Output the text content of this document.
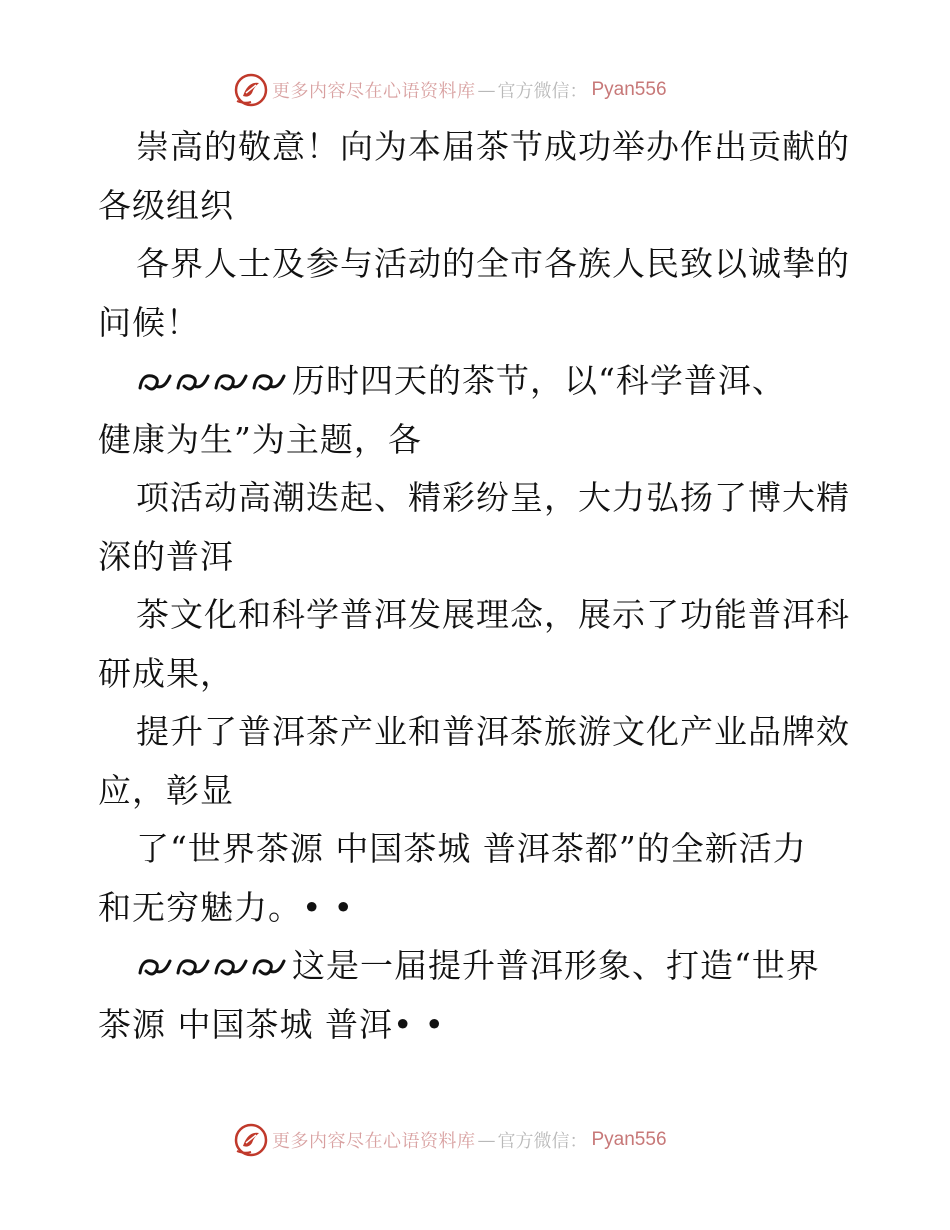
更多内容尽在心语资料库 — 官方微信： Pyan556
崇高的敬意！向为本届茶节成功举办作出贡献的
各级组织
各界人士及参与活动的全市各族人民致以诚挚的
问候！
历时四天的茶节，以“科学普洱、
健康为生”为主题，各
项活动高潮迭起、精彩纷呈，大力弘扬了博大精
深的普洱
茶文化和科学普洱发展理念，展示了功能普洱科
研成果，
提升了普洱茶产业和普洱茶旅游文化产业品牌效
应，彰显
了“世界茶源 中国茶城 普洱茶都”的全新活力
和无穷魅力。••
这是一届提升普洱形象、打造“世界
茶源 中国茶城 普洱••
更多内容尽在心语资料库 — 官方微信： Pyan556
